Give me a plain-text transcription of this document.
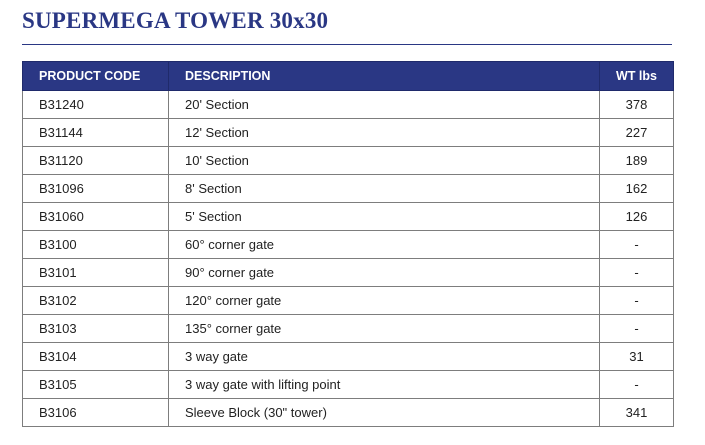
SUPERMEGA TOWER 30x30
PRODUCT CODE	DESCRIPTION	WT lbs
B31240	20' Section	378
B31144	12' Section	227
B31120	10' Section	189
B31096	8' Section	162
B31060	5' Section	126
B3100	60° corner gate	-
B3101	90° corner gate	-
B3102	120° corner gate	-
B3103	135° corner gate	-
B3104	3 way gate	31
B3105	3 way gate with lifting point	-
B3106	Sleeve Block (30" tower)	341
